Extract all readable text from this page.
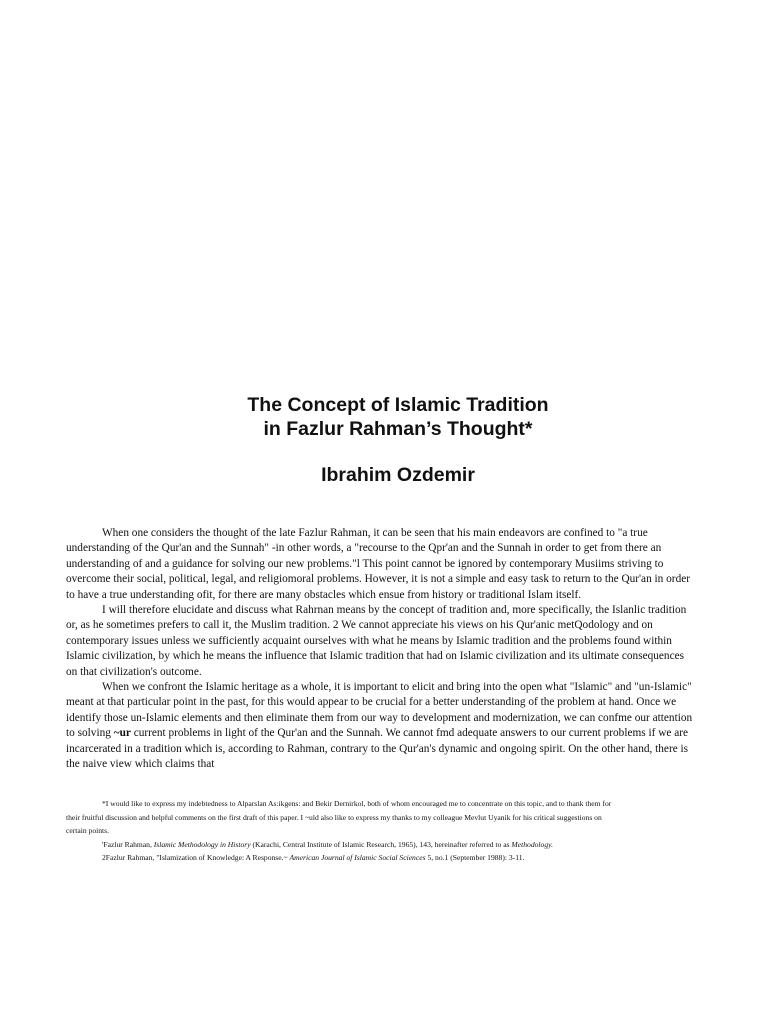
The Concept of Islamic Tradition
in Fazlur Rahman’s Thought*
Ibrahim Ozdemir

When one considers the thought of the late Fazlur Rahman, it can be seen that his main endeavors are confined to "a true
understanding of the Qur'an and the Sunnah" -in other words, a "recourse to the Qpr'an and the Sunnah in order to get from there an
understanding of and a guidance for solving our new problems."l This point cannot be ignored by contemporary Musiims striving to
overcome their social, political, legal, and religiomoral problems. However, it is not a simple and easy task to return to the Qur'an in order
to have a true understanding ofit, for there are many obstacles which ensue from history or traditional Islam itself.

I will therefore elucidate and discuss what Rahrnan means by the concept of tradition and, more specifically, the Islanlic tradition
or, as he sometimes prefers to call it, the Muslim tradition. 2 We cannot appreciate his views on his Qur'anic metQodology and on
contemporary issues unless we sufficiently acquaint ourselves with what he means by Islamic tradition and the problems found within
Islamic civilization, by which he means the influence that Islamic tradition that had on Islamic civilization and its ultimate consequences
on that civilization's outcome.

When we confront the Islamic heritage as a whole, it is important to elicit and bring into the open what "Islamic" and "un-Islamic"
meant at that particular point in the past, for this would appear to be crucial for a better understanding of the problem at hand. Once we
identify those un-Islamic elements and then eliminate them from our way to development and modernization, we can confme our attention
to solving ~ur current problems in light of the Qur'an and the Sunnah. We cannot fmd adequate answers to our current problems if we are
incarcerated in a tradition which is, according to Rahman, contrary to the Qur'an's dynamic and ongoing spirit. On the other hand, there is
the naive view which claims that

*I would like to express my indebtedness to Alparslan As:ikgens: and Bekir Dernirkol, both of whom encouraged me to concentrate on this topic, and to thank them for
their fruitful discussion and helpful comments on the first draft of this paper. I ~uld also like to express my thanks to my colleague Mevlut Uyanik for his critical suggestions on
certain points.

'Fazlur Rahman, Islamic Methodology in History (Karachi, Central Institute of Islamic Research, 1965), 143, hereinafter referred to as Methodology.

2Fazlur Rahman, "Islamization of Knowledge: A Response.~ American Journal of Islamic Social Sciences 5, no.1 (September 1988): 3-11.
